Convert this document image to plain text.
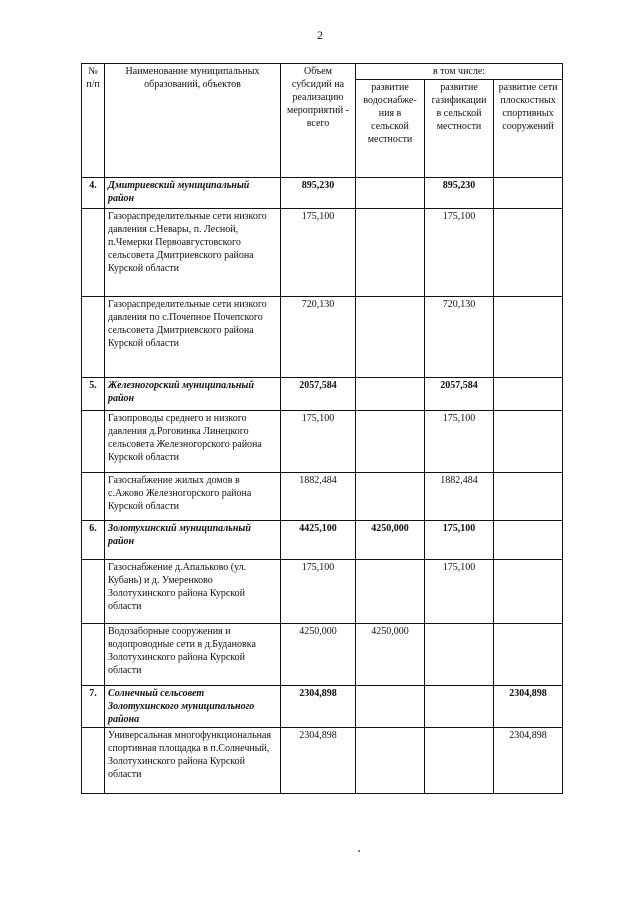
2
№ п/п	Наименование муниципальных образований, объектов	Объем субсидий на реализацию мероприятий - всего	в том числе:		
			развитие водоснабже-ния в сельской местности	развитие газификации в сельской местности	развитие сети плоскостных спортивных сооружений
4.	Дмитриевский муниципальный район	895,230		895,230	
	Газораспределительные сети низкого давления с.Невары, п. Лесной, п.Чемерки Первоавгустовского сельсовета Дмитриевского района Курской области	175,100		175,100	
	Газораспределительные сети низкого давления по с.Почепное Почепского сельсовета Дмитриевского района Курской области	720,130		720,130	
5.	Железногорский муниципальный район	2057,584		2057,584	
	Газопроводы среднего и низкого давления д.Роговинка Линецкого сельсовета Железногорского района Курской области	175,100		175,100	
	Газоснабжение жилых домов в с.Ажово Железногорского района Курской области	1882,484		1882,484	
6.	Золотухинский муниципальный район	4425,100	4250,000	175,100	
	Газоснабжение д.Апальково (ул. Кубань) и д. Умеренково Золотухинского района Курской области	175,100		175,100	
	Водозаборные сооружения и водопроводные сети в д.Будановка Золотухинского района Курской области	4250,000	4250,000		
7.	Солнечный сельсовет Золотухинского муниципального района	2304,898			2304,898
	Универсальная многофункциональная спортивная площадка в п.Солнечный, Золотухинского района Курской области	2304,898			2304,898
